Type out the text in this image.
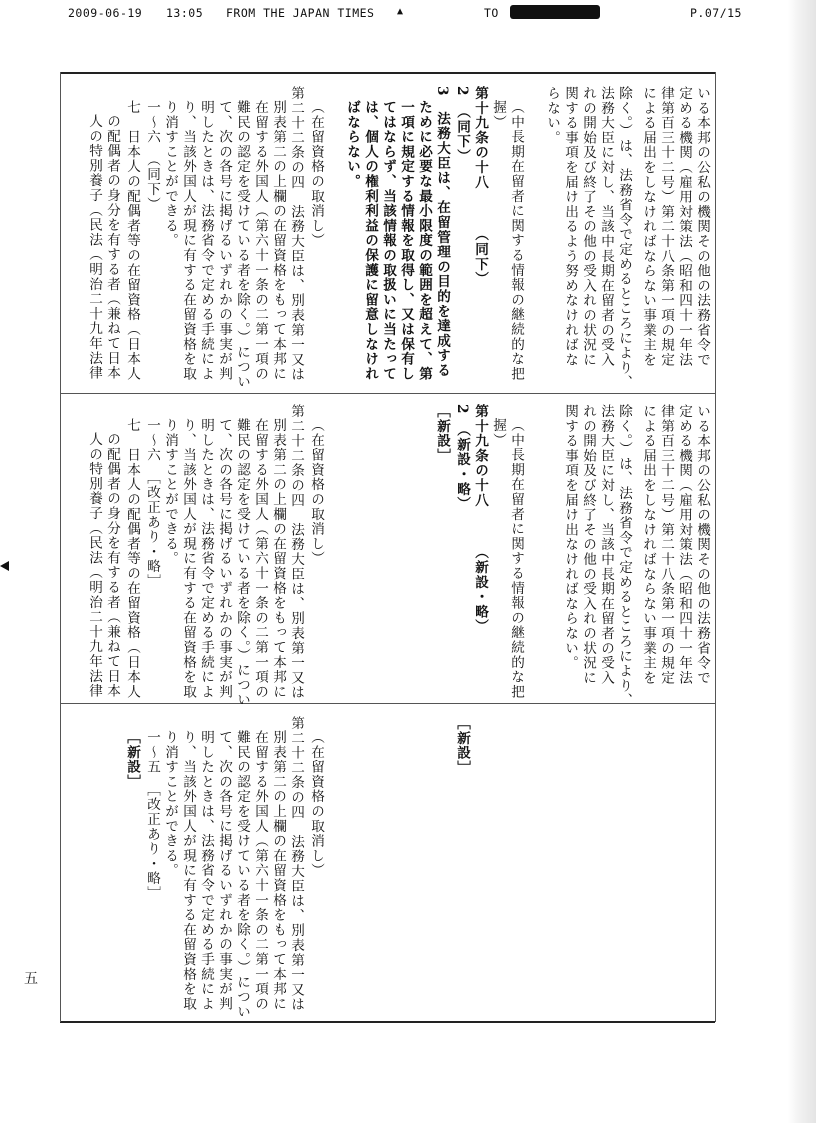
2009-06-19 13:05 FROM THE JAPAN TIMES ▲	TO	P.07/15
いる本邦の公私の機関その他の法務省令で
定める機関（雇用対策法（昭和四十一年法
律第百三十二号）第二十八条第一項の規定
による届出をしなければならない事業主を
除く。）は、法務省令で定めるところにより、
法務大臣に対し、当該中長期在留者の受入
れの開始及び終了その他の受入れの状況に
関する事項を届け出るよう努めなければな
らない。
（中長期在留者に関する情報の継続的な把
握）
第十九条の十八　　　（同下）
2　（同下）
3　法務大臣は、在留管理の目的を達成する
ために必要な最小限度の範囲を超えて、第
一項に規定する情報を取得し、又は保有し
てはならず、当該情報の取扱いに当たって
は、個人の権利利益の保護に留意しなけれ
ばならない。
（在留資格の取消し）
第二十二条の四　法務大臣は、別表第一又は
別表第二の上欄の在留資格をもって本邦に
在留する外国人（第六十一条の二第一項の
難民の認定を受けている者を除く。）につい
て、次の各号に掲げるいずれかの事実が判
明したときは、法務省令で定める手続によ
り、当該外国人が現に有する在留資格を取
り消すことができる。
一〜六　（同下）
七　日本人の配偶者等の在留資格（日本人
の配偶者の身分を有する者（兼ねて日本
人の特別養子（民法（明治二十九年法律
いる本邦の公私の機関その他の法務省令で
定める機関（雇用対策法（昭和四十一年法
律第百三十二号）第二十八条第一項の規定
による届出をしなければならない事業主を
除く。）は、法務省令で定めるところにより、
法務大臣に対し、当該中長期在留者の受入
れの開始及び終了その他の受入れの状況に
関する事項を届け出なければならない。
（中長期在留者に関する情報の継続的な把
握）
第十九条の十八　　　（新設・略）
2　（新設・略）
［新設］
（在留資格の取消し）
第二十二条の四　法務大臣は、別表第一又は
別表第二の上欄の在留資格をもって本邦に
在留する外国人（第六十一条の二第一項の
難民の認定を受けている者を除く。）につい
て、次の各号に掲げるいずれかの事実が判
明したときは、法務省令で定める手続によ
り、当該外国人が現に有する在留資格を取
り消すことができる。
一〜六　［改正あり・略］
七　日本人の配偶者等の在留資格（日本人
の配偶者の身分を有する者（兼ねて日本
人の特別養子（民法（明治二十九年法律
［新設］
（在留資格の取消し）
第二十二条の四　法務大臣は、別表第一又は
別表第二の上欄の在留資格をもって本邦に
在留する外国人（第六十一条の二第一項の
難民の認定を受けている者を除く。）につい
て、次の各号に掲げるいずれかの事実が判
明したときは、法務省令で定める手続によ
り、当該外国人が現に有する在留資格を取
り消すことができる。
一〜五　［改正あり・略］
［新設］
五
